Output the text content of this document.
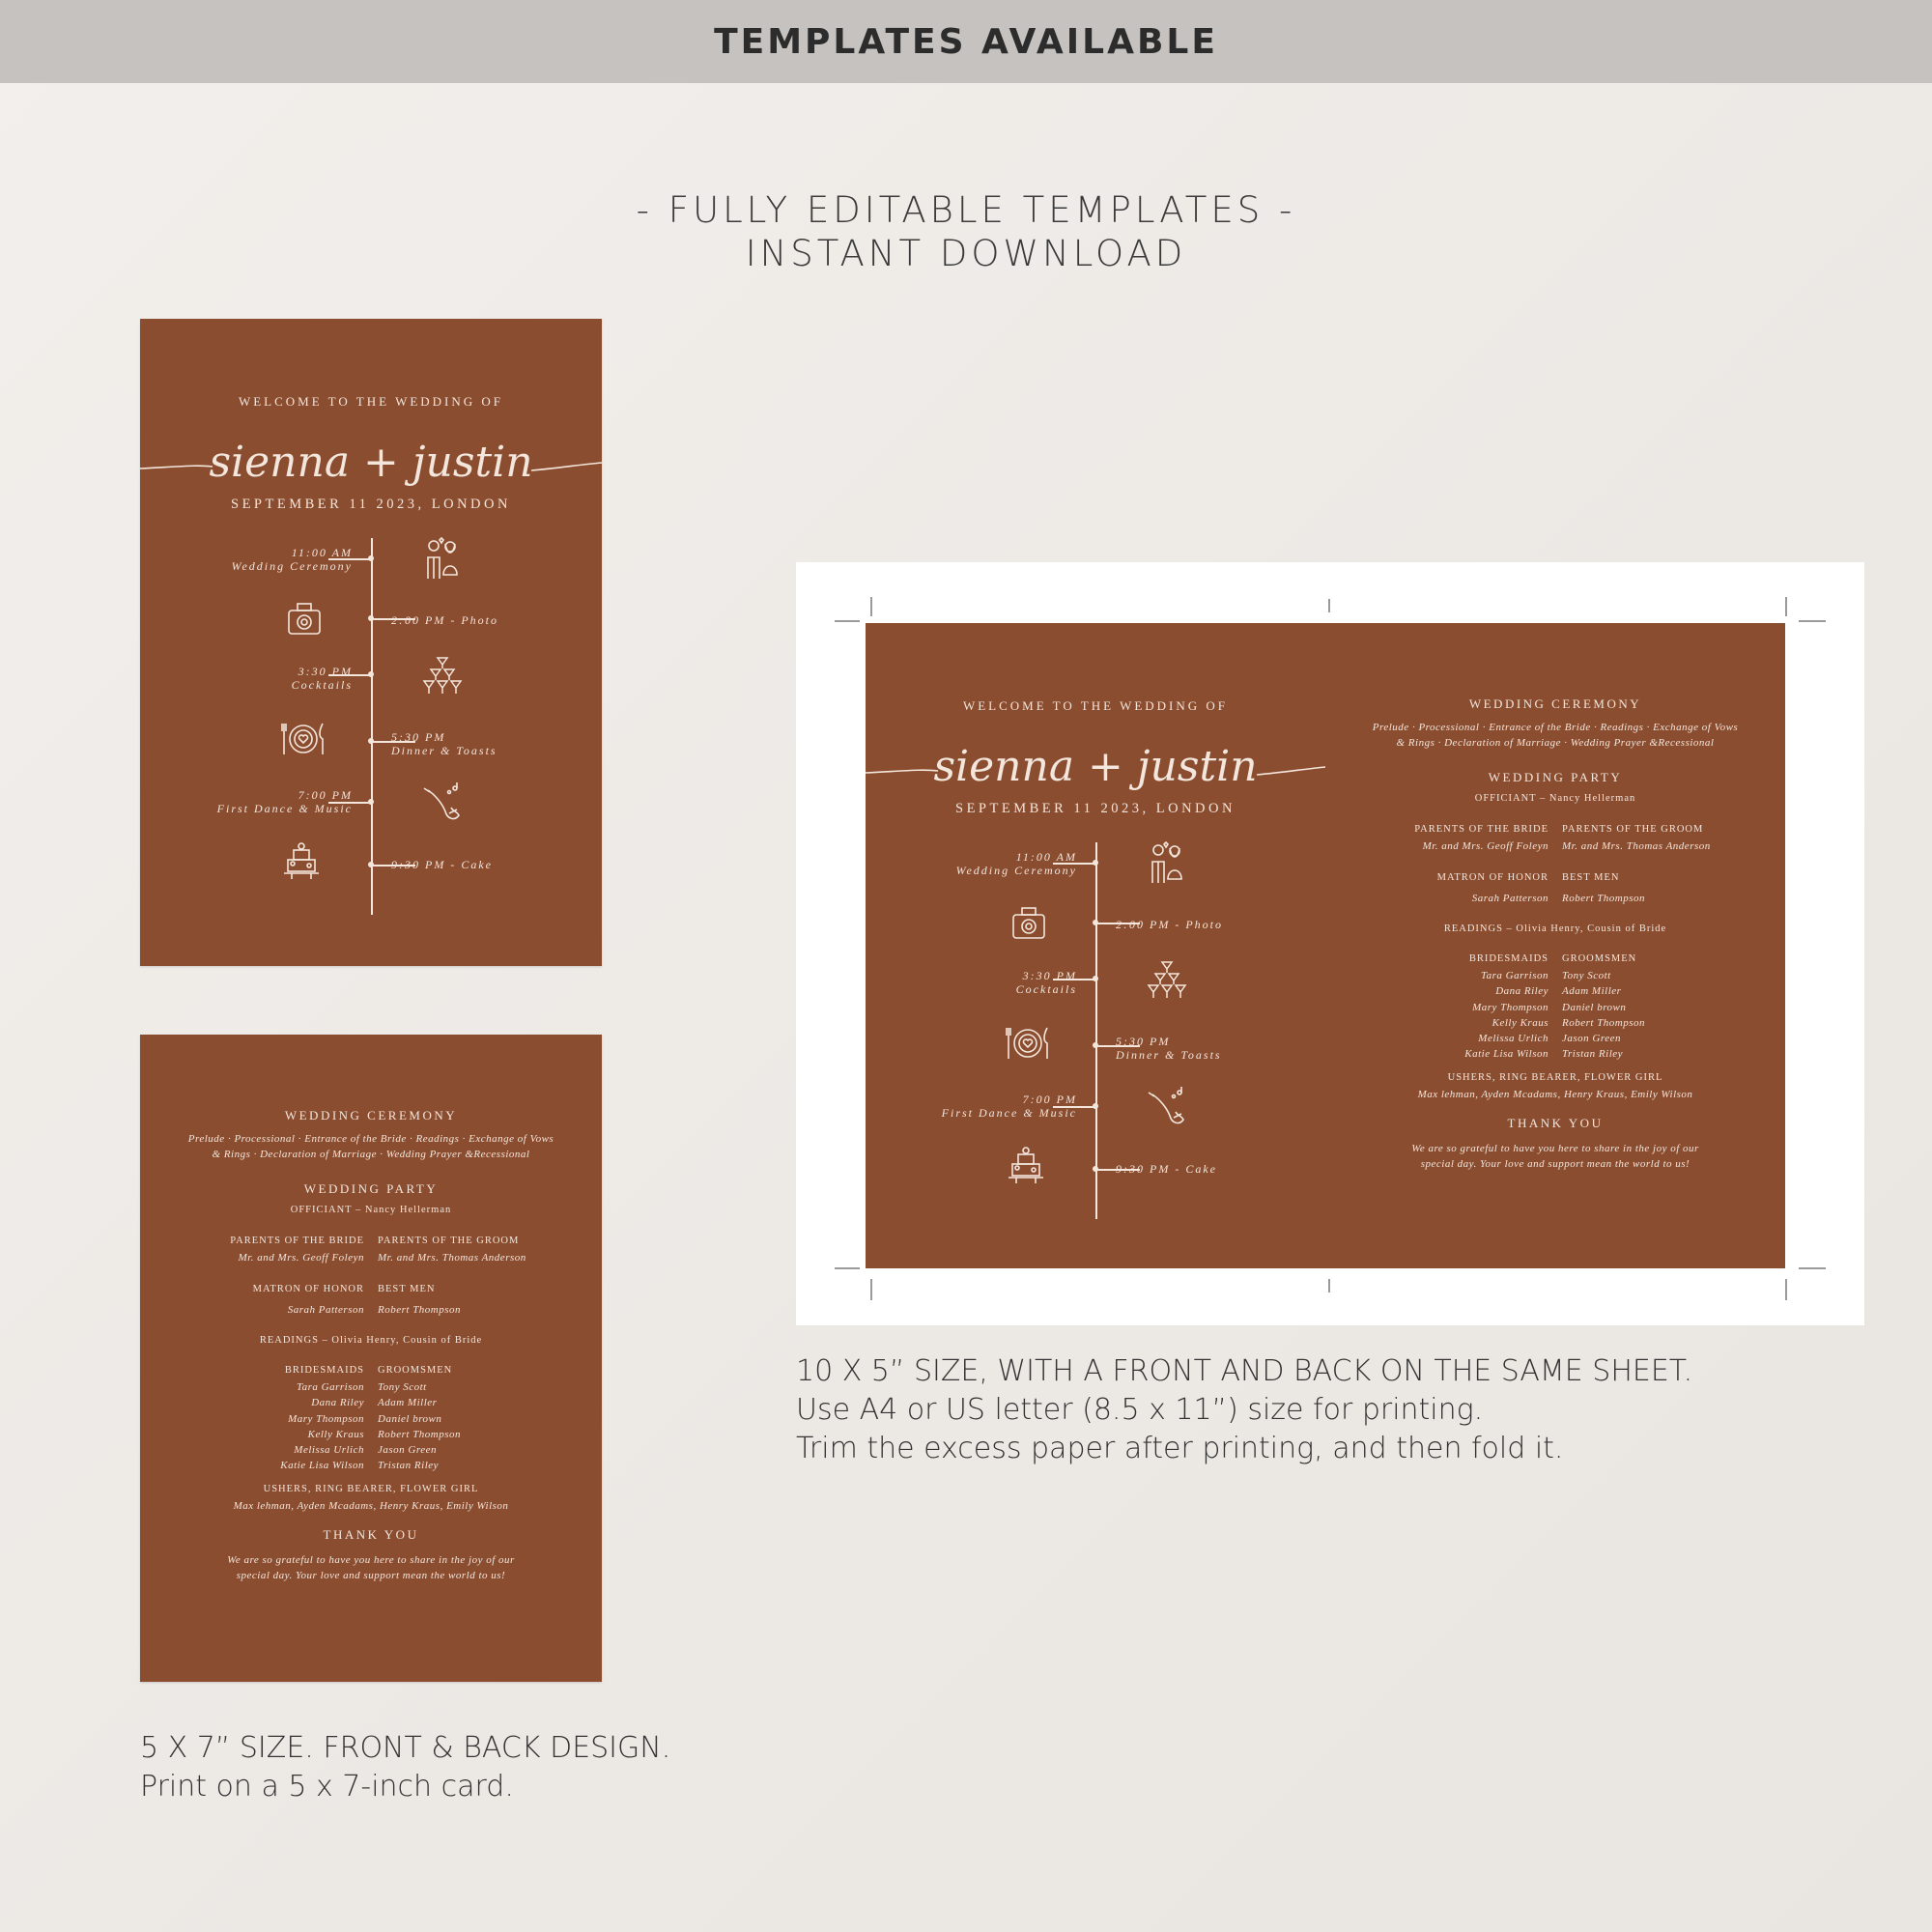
TEMPLATES AVAILABLE
- FULLY EDITABLE TEMPLATES -
INSTANT DOWNLOAD
WELCOME TO THE WEDDING OF
sienna + justin
SEPTEMBER 11 2023, LONDON
11:00 AM
Wedding Ceremony
2:00 PM - Photo
3:30 PM
Cocktails
5:30 PM
Dinner & Toasts
7:00 PM
First Dance & Music
9:30 PM - Cake
WEDDING CEREMONY
Prelude · Processional · Entrance of the Bride · Readings · Exchange of Vows
& Rings · Declaration of Marriage · Wedding Prayer &Recessional
WEDDING PARTY
OFFICIANT – Nancy Hellerman
PARENTS OF THE BRIDE PARENTS OF THE GROOM
Mr. and Mrs. Geoff Foleyn Mr. and Mrs. Thomas Anderson
MATRON OF HONOR BEST MEN
Sarah Patterson Robert Thompson
READINGS – Olivia Henry, Cousin of Bride
BRIDESMAIDS GROOMSMEN
Tara Garrison
Dana Riley
Mary Thompson
Kelly Kraus
Melissa Urlich
Katie Lisa Wilson
Tony Scott
Adam Miller
Daniel brown
Robert Thompson
Jason Green
Tristan Riley
USHERS, RING BEARER, FLOWER GIRL
Max lehman, Ayden Mcadams, Henry Kraus, Emily Wilson
THANK YOU
We are so grateful to have you here to share in the joy of our
special day. Your love and support mean the world to us!
5 X 7” SIZE. FRONT & BACK DESIGN.
Print on a 5 x 7-inch card.
WELCOME TO THE WEDDING OF
sienna + justin
SEPTEMBER 11 2023, LONDON
11:00 AM
Wedding Ceremony
2:00 PM - Photo
3:30 PM
Cocktails
5:30 PM
Dinner & Toasts
7:00 PM
First Dance & Music
9:30 PM - Cake
WEDDING CEREMONY
Prelude · Processional · Entrance of the Bride · Readings · Exchange of Vows
& Rings · Declaration of Marriage · Wedding Prayer &Recessional
WEDDING PARTY
OFFICIANT – Nancy Hellerman
PARENTS OF THE BRIDE PARENTS OF THE GROOM
Mr. and Mrs. Geoff Foleyn Mr. and Mrs. Thomas Anderson
MATRON OF HONOR BEST MEN
Sarah Patterson Robert Thompson
READINGS – Olivia Henry, Cousin of Bride
BRIDESMAIDS GROOMSMEN
Tara Garrison
Dana Riley
Mary Thompson
Kelly Kraus
Melissa Urlich
Katie Lisa Wilson
Tony Scott
Adam Miller
Daniel brown
Robert Thompson
Jason Green
Tristan Riley
USHERS, RING BEARER, FLOWER GIRL
Max lehman, Ayden Mcadams, Henry Kraus, Emily Wilson
THANK YOU
We are so grateful to have you here to share in the joy of our
special day. Your love and support mean the world to us!
10 X 5” SIZE, WITH A FRONT AND BACK ON THE SAME SHEET.
Use A4 or US letter (8.5 x 11”) size for printing.
Trim the excess paper after printing, and then fold it.
